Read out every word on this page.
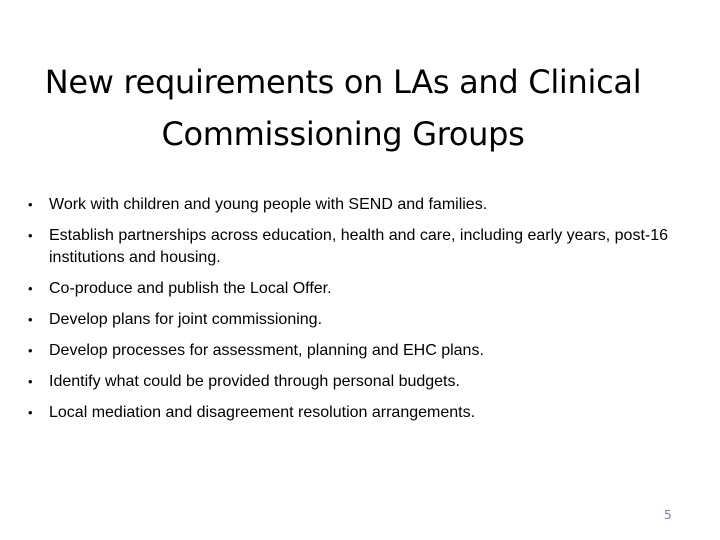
New requirements on LAs and Clinical
Commissioning Groups
• Work with children and young people with SEND and families.
• Establish partnerships across education, health and care, including early years, post-16 institutions and housing.
• Co-produce and publish the Local Offer.
• Develop plans for joint commissioning.
• Develop processes for assessment, planning and EHC plans.
• Identify what could be provided through personal budgets.
• Local mediation and disagreement resolution arrangements.
5
